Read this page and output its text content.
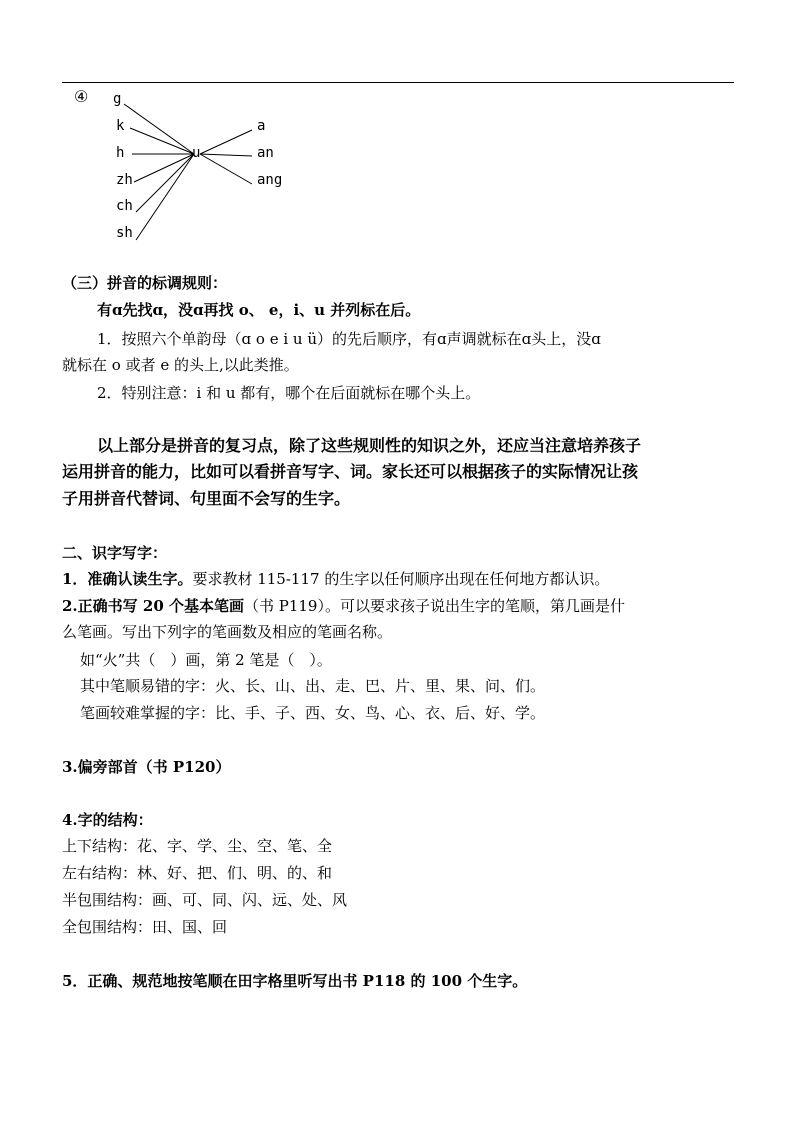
④ g
k
h
zh
ch
sh
u
a
an
ang
（三）拼音的标调规则：
有ɑ先找ɑ，没ɑ再找 o、 e，i、u 并列标在后。
1．按照六个单韵母（ɑ o e i u ü）的先后顺序，有ɑ声调就标在ɑ头上，没ɑ
就标在 o 或者 e 的头上,以此类推。
2．特别注意：i 和 u 都有，哪个在后面就标在哪个头上。
以上部分是拼音的复习点，除了这些规则性的知识之外，还应当注意培养孩子
运用拼音的能力，比如可以看拼音写字、词。家长还可以根据孩子的实际情况让孩
子用拼音代替词、句里面不会写的生字。
二、识字写字：
1．准确认读生字。要求教材 115-117 的生字以任何顺序出现在任何地方都认识。
2.正确书写 20 个基本笔画（书 P119）。可以要求孩子说出生字的笔顺，第几画是什
么笔画。写出下列字的笔画数及相应的笔画名称。
如“火”共（　）画，第 2 笔是（　）。
其中笔顺易错的字：火、长、山、出、走、巴、片、里、果、问、们。
笔画较难掌握的字：比、手、子、西、女、鸟、心、衣、后、好、学。
3.偏旁部首（书 P120）
4.字的结构：
上下结构：花、字、学、尘、空、笔、全
左右结构：林、好、把、们、明、的、和
半包围结构：画、可、同、闪、远、处、风
全包围结构：田、国、回
5．正确、规范地按笔顺在田字格里听写出书 P118 的 100 个生字。
